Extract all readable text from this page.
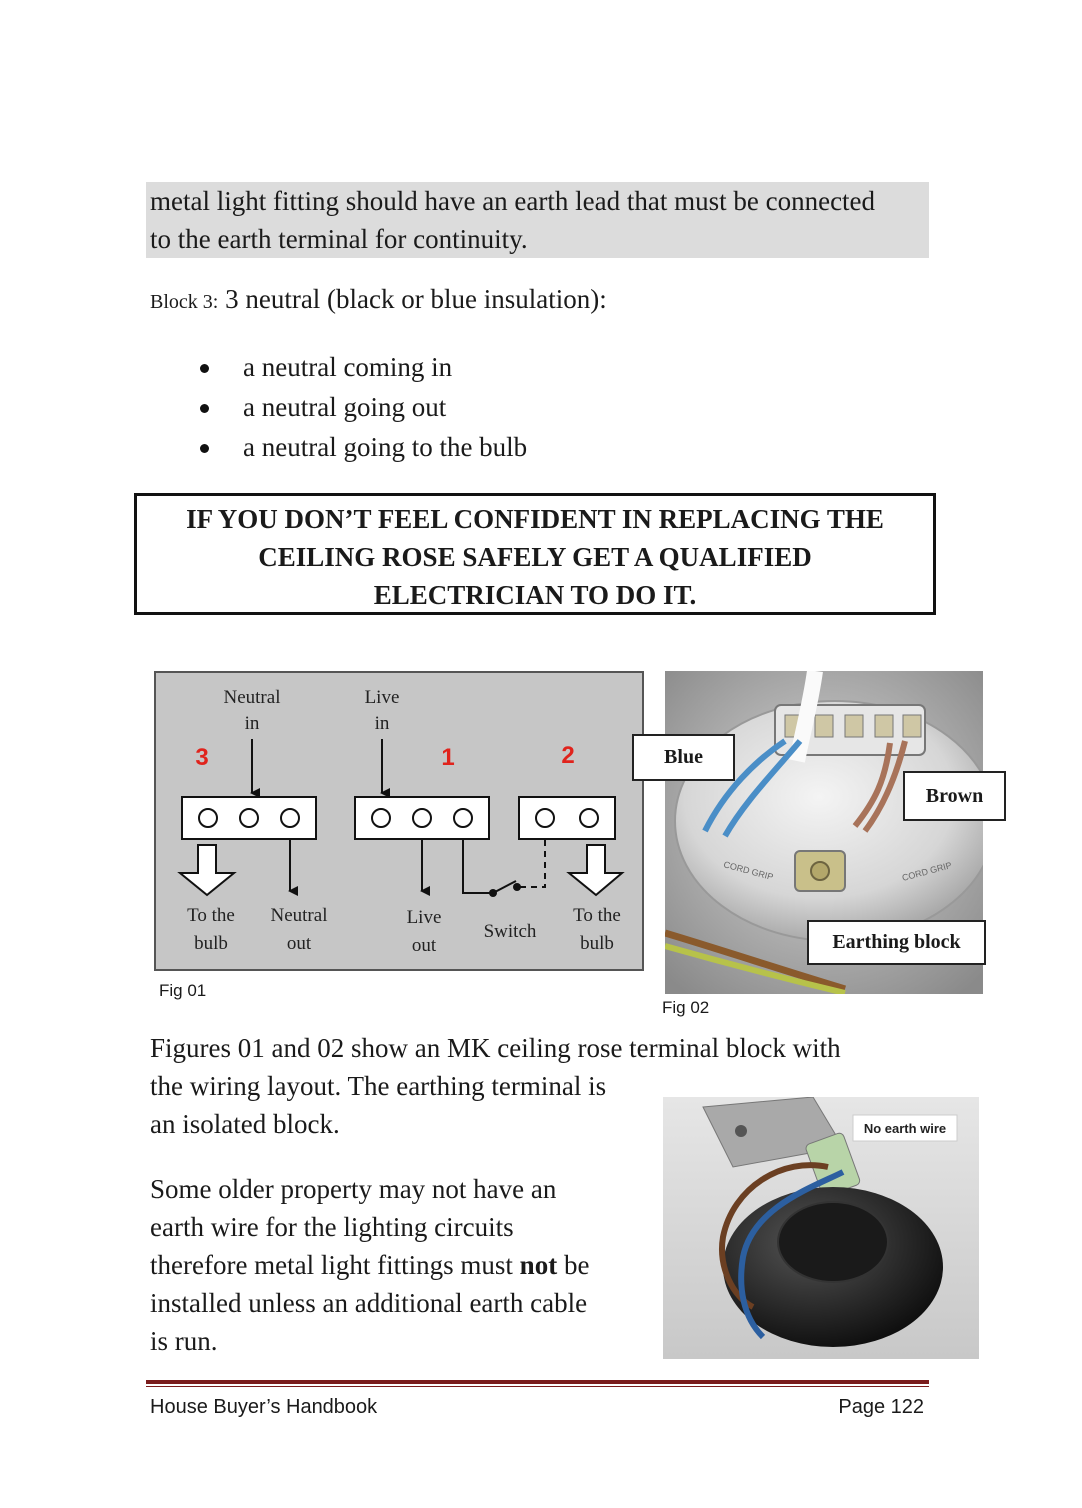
metal light fitting should have an earth lead that must be connected
to the earth terminal for continuity.
Block 3: 3 neutral (black or blue insulation):
a neutral coming in
a neutral going out
a neutral going to the bulb
IF YOU DON’T FEEL CONFIDENT IN REPLACING THE
CEILING ROSE SAFELY GET A QUALIFIED
ELECTRICIAN TO DO IT.
Neutral
in
Live
in
3	1	2
To the
bulb
Neutral
out
Live
out
Switch
To the
bulb
Fig 01
CORD GRIP	CORD GRIP
Blue
Brown
Earthing block
Fig 02
Figures 01 and 02 show an MK ceiling rose terminal block with
the wiring layout. The earthing terminal is
an isolated block.	No earth wire
Some older property may not have an
earth wire for the lighting circuits
therefore metal light fittings must not be
installed unless an additional earth cable
is run.
House Buyer’s Handbook	Page 122
